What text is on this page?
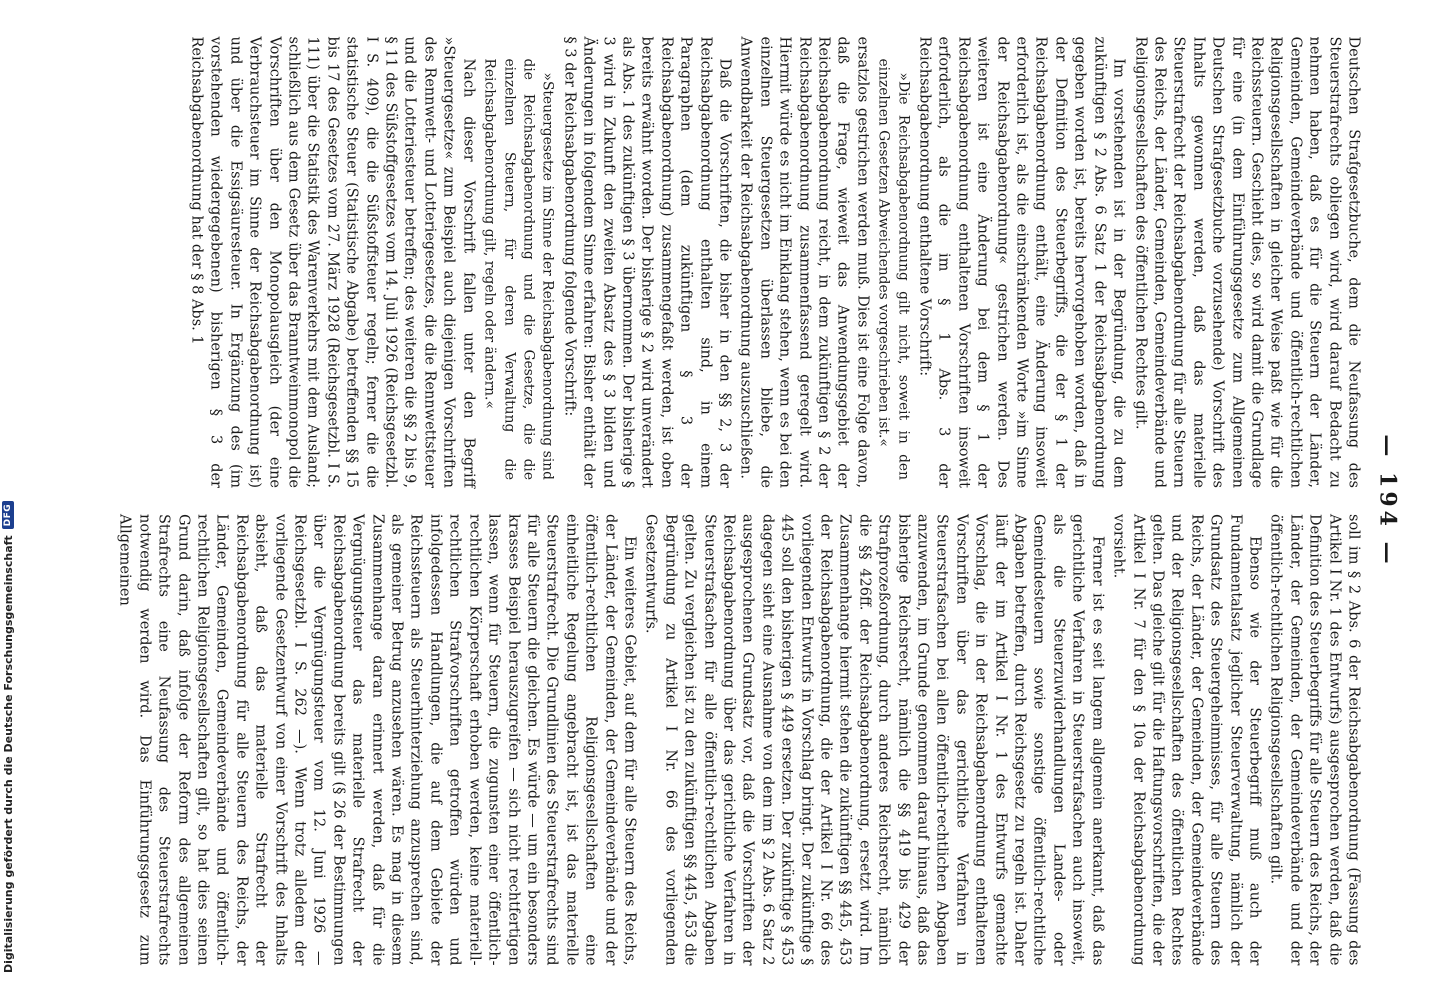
Digitalisierung gefördert durch die Deutsche Forschungsgemeinschaft
DFG	— 194 —

Deutschen Strafgesetzbuche, dem die Neufassung des Steuerstrafrechts obliegen wird, wird darauf Bedacht zu nehmen haben, daß es für die Steuern der Länder, Gemeinden, Gemeindeverbände und öffentlich-rechtlichen Religionsgesellschaften in gleicher Weise paßt wie für die Reichssteuern. Geschieht dies, so wird damit die Grundlage für eine (in dem Einführungsgesetze zum Allgemeinen Deutschen Strafgesetzbuche vorzusehende) Vorschrift des Inhalts gewonnen werden, daß das materielle Steuerstrafrecht der Reichsabgabenordnung für alle Steuern des Reichs, der Länder, Gemeinden, Gemeindeverbände und Religionsgesellschaften des öffentlichen Rechtes gilt.

Im vorstehenden ist in der Begründung, die zu dem zukünftigen § 2 Abs. 6 Satz 1 der Reichsabgabenordnung gegeben worden ist, bereits hervorgehoben worden, daß in der Definition des Steuerbegriffs, die der § 1 der Reichsabgabenordnung enthält, eine Änderung insoweit erforderlich ist, als die einschränkenden Worte »im Sinne der Reichsabgabenordnung« gestrichen werden. Des weiteren ist eine Änderung bei dem § 1 der Reichsabgabenordnung enthaltenen Vorschriften insoweit erforderlich, als die im § 1 Abs. 3 der Reichsabgabenordnung enthaltene Vorschrift:

»Die Reichsabgabenordnung gilt nicht, soweit in den einzelnen Gesetzen Abweichendes vorgeschrieben ist.«

ersatzlos gestrichen werden muß. Dies ist eine Folge davon, daß die Frage, wieweit das Anwendungsgebiet der Reichsabgabenordnung reicht, in dem zukünftigen § 2 der Reichsabgabenordnung zusammenfassend geregelt wird. Hiermit würde es nicht im Einklang stehen, wenn es bei den einzelnen Steuergesetzen überlassen bliebe, die Anwendbarkeit der Reichsabgabenordnung auszuschließen.

Daß die Vorschriften, die bisher in den §§ 2, 3 der Reichsabgabenordnung enthalten sind, in einem Paragraphen (dem zukünftigen § 3 der Reichsabgabenordnung) zusammengefaßt werden, ist oben bereits erwähnt worden. Der bisherige § 2 wird unverändert als Abs. 1 des zukünftigen § 3 übernommen. Der bisherige § 3 wird in Zukunft den zweiten Absatz des § 3 bilden und Änderungen in folgendem Sinne erfahren: Bisher enthält der § 3 der Reichsabgabenordnung folgende Vorschrift:

»Steuergesetze im Sinne der Reichsabgabenordnung sind die Reichsabgabenordnung und die Gesetze, die die einzelnen Steuern, für deren Verwaltung die Reichsabgabenordnung gilt, regeln oder ändern.«

Nach dieser Vorschrift fallen unter den Begriff »Steuergesetze« zum Beispiel auch diejenigen Vorschriften des Rennwett- und Lotteriegesetzes, die die Rennwettsteuer und die Lotteriesteuer betreffen; des weiteren die §§ 2 bis 9, § 11 des Süßstoffgesetzes vom 14. Juli 1926 (Reichsgesetzbl. I S. 409), die die Süßstoffsteuer regeln; ferner die die statistische Steuer (Statistische Abgabe) betreffenden §§ 15 bis 17 des Gesetzes vom 27. März 1928 (Reichsgesetzbl. I S. 111) über die Statistik des Warenverkehrs mit dem Ausland; schließlich aus dem Gesetz über das Branntweinmonopol die Vorschriften über den Monopolausgleich (der eine Verbrauchsteuer im Sinne der Reichsabgabenordnung ist) und über die Essigsäuresteuer. In Ergänzung des (im vorstehenden wiedergegebenen) bisherigen § 3 der Reichsabgabenordnung hat der § 8 Abs. 1

soll im § 2 Abs. 6 der Reichsabgabenordnung (Fassung des Artikel I Nr. 1 des Entwurfs) ausgesprochen werden, daß die Definition des Steuerbegriffs für alle Steuern des Reichs, der Länder, der Gemeinden, der Gemeindeverbände und der öffentlich-rechtlichen Religionsgesellschaften gilt.

Ebenso wie der Steuerbegriff muß auch der Fundamentalsatz jeglicher Steuerverwaltung, nämlich der Grundsatz des Steuergeheimnisses, für alle Steuern des Reichs, der Länder, der Gemeinden, der Gemeindeverbände und der Religionsgesellschaften des öffentlichen Rechtes gelten. Das gleiche gilt für die Haftungsvorschriften, die der Artikel I Nr. 7 für den § 10a der Reichsabgabenordnung vorsieht.

Ferner ist es seit langem allgemein anerkannt, daß das gerichtliche Verfahren in Steuerstrafsachen auch insoweit, als die Steuerzuwiderhandlungen Landes- oder Gemeindesteuern sowie sonstige öffentlich-rechtliche Abgaben betreffen, durch Reichsgesetz zu regeln ist. Daher läuft der im Artikel I Nr. 1 des Entwurfs gemachte Vorschlag, die in der Reichsabgabenordnung enthaltenen Vorschriften über das gerichtliche Verfahren in Steuerstrafsachen bei allen öffentlich-rechtlichen Abgaben anzuwenden, im Grunde genommen darauf hinaus, daß das bisherige Reichsrecht, nämlich die §§ 419 bis 429 der Strafprozeßordnung, durch anderes Reichsrecht, nämlich die §§ 426ff. der Reichsabgabenordnung, ersetzt wird. Im Zusammenhange hiermit stehen die zukünftigen §§ 445, 453 der Reichsabgabenordnung, die der Artikel I Nr. 66 des vorliegenden Entwurfs in Vorschlag bringt. Der zukünftige § 445 soll den bisherigen § 449 ersetzen. Der zukünftige § 453 dagegen sieht eine Ausnahme von dem im § 2 Abs. 6 Satz 2 ausgesprochenen Grundsatz vor, daß die Vorschriften der Reichsabgabenordnung über das gerichtliche Verfahren in Steuerstrafsachen für alle öffentlich-rechtlichen Abgaben gelten. Zu vergleichen ist zu den zukünftigen §§ 445, 453 die Begründung zu Artikel I Nr. 66 des vorliegenden Gesetzentwurfs.

Ein weiteres Gebiet, auf dem für alle Steuern des Reichs, der Länder, der Gemeinden, der Gemeindeverbände und der öffentlich-rechtlichen Religionsgesellschaften eine einheitliche Regelung angebracht ist, ist das materielle Steuerstrafrecht. Die Grundlinien des Steuerstrafrechts sind für alle Steuern die gleichen. Es würde — um ein besonders krasses Beispiel herauszugreifen — sich nicht rechtfertigen lassen, wenn für Steuern, die zugunsten einer öffentlich-rechtlichen Körperschaft erhoben werden, keine materiell-rechtlichen Strafvorschriften getroffen würden und infolgedessen Handlungen, die auf dem Gebiete der Reichssteuern als Steuerhinterziehung anzusprechen sind, als gemeiner Betrug anzusehen wären. Es mag in diesem Zusammenhange daran erinnert werden, daß für die Vergnügungsteuer das materielle Strafrecht der Reichsabgabenordnung bereits gilt (§ 26 der Bestimmungen über die Vergnügungsteuer vom 12. Juni 1926 — Reichsgesetzbl. I S. 262 —). Wenn trotz alledem der vorliegende Gesetzentwurf von einer Vorschrift des Inhalts absieht, daß das materielle Strafrecht der Reichsabgabenordnung für alle Steuern des Reichs, der Länder, Gemeinden, Gemeindeverbände und öffentlich-rechtlichen Religionsgesellschaften gilt, so hat dies seinen Grund darin, daß infolge der Reform des allgemeinen Strafrechts eine Neufassung des Steuerstrafrechts notwendig werden wird. Das Einführungsgesetz zum Allgemeinen
